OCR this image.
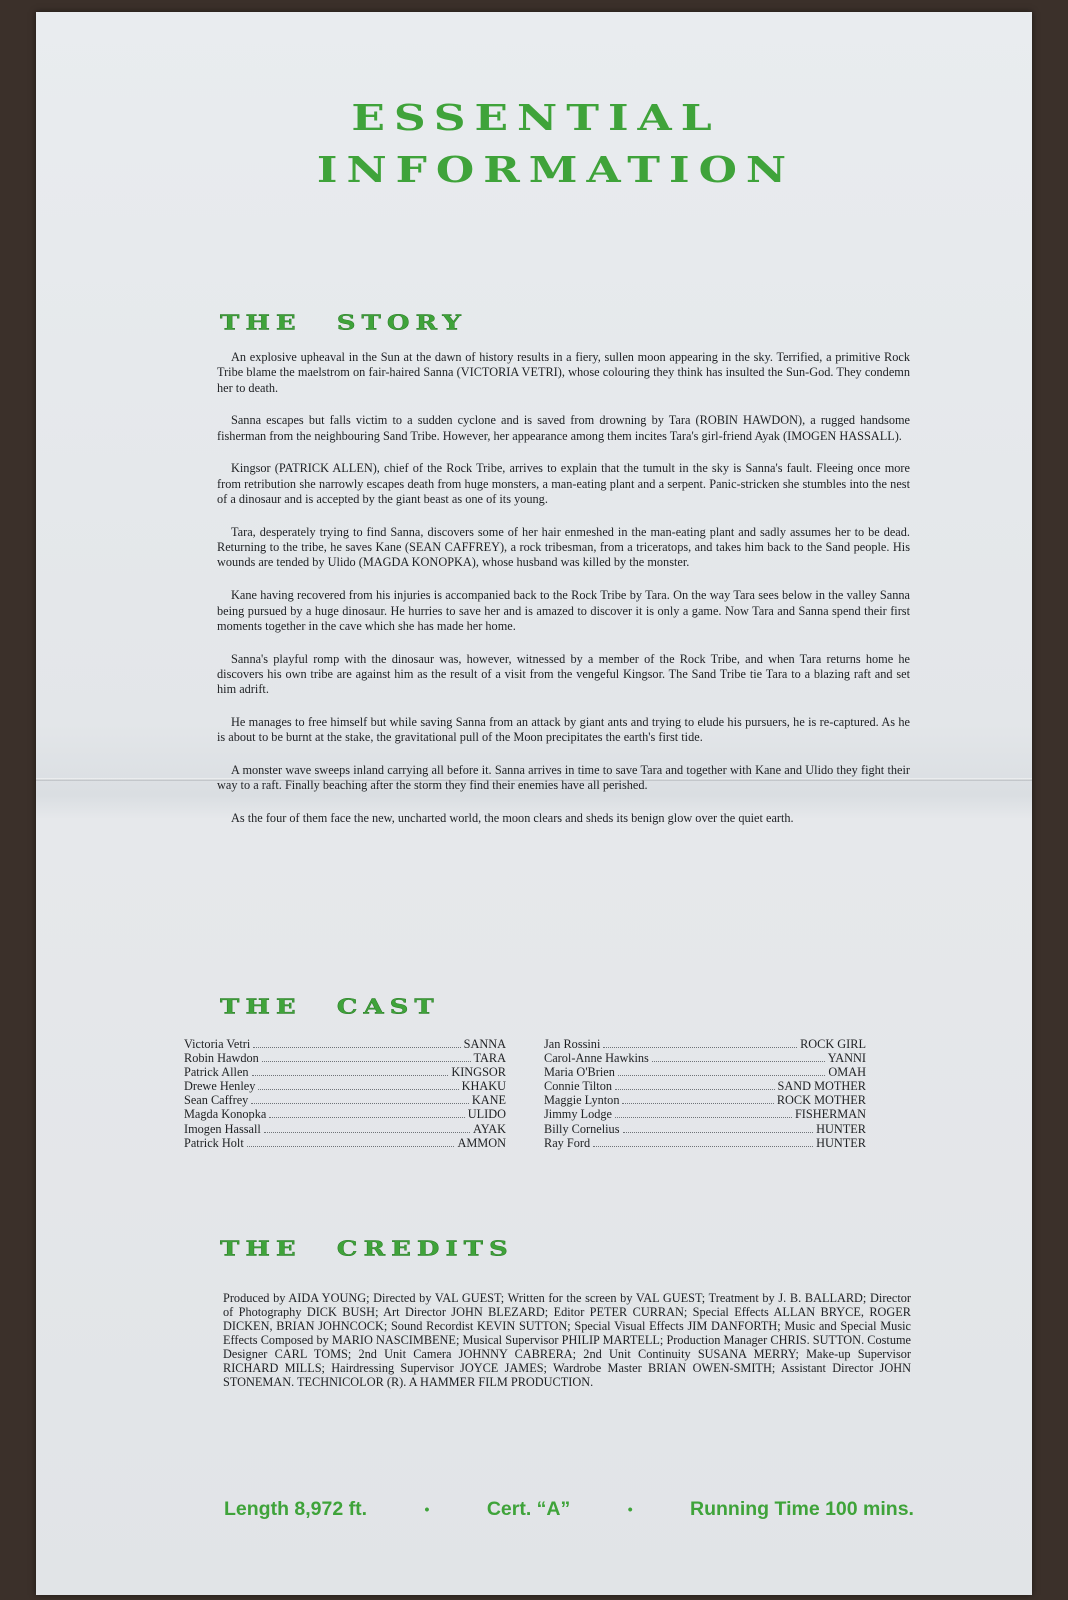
ESSENTIAL
INFORMATION
THE STORY

An explosive upheaval in the Sun at the dawn of history results in a fiery, sullen moon appearing in the sky. Terrified, a primitive Rock Tribe blame the maelstrom on fair-haired Sanna (VICTORIA VETRI), whose colouring they think has insulted the Sun-God. They condemn her to death.

Sanna escapes but falls victim to a sudden cyclone and is saved from drowning by Tara (ROBIN HAWDON), a rugged handsome fisherman from the neighbouring Sand Tribe. However, her appearance among them incites Tara's girl-friend Ayak (IMOGEN HASSALL).

Kingsor (PATRICK ALLEN), chief of the Rock Tribe, arrives to explain that the tumult in the sky is Sanna's fault. Fleeing once more from retribution she narrowly escapes death from huge monsters, a man-eating plant and a serpent. Panic-stricken she stumbles into the nest of a dinosaur and is accepted by the giant beast as one of its young.

Tara, desperately trying to find Sanna, discovers some of her hair enmeshed in the man-eating plant and sadly assumes her to be dead. Returning to the tribe, he saves Kane (SEAN CAFFREY), a rock tribesman, from a triceratops, and takes him back to the Sand people. His wounds are tended by Ulido (MAGDA KONOPKA), whose husband was killed by the monster.

Kane having recovered from his injuries is accompanied back to the Rock Tribe by Tara. On the way Tara sees below in the valley Sanna being pursued by a huge dinosaur. He hurries to save her and is amazed to discover it is only a game. Now Tara and Sanna spend their first moments together in the cave which she has made her home.

Sanna's playful romp with the dinosaur was, however, witnessed by a member of the Rock Tribe, and when Tara returns home he discovers his own tribe are against him as the result of a visit from the vengeful Kingsor. The Sand Tribe tie Tara to a blazing raft and set him adrift.

He manages to free himself but while saving Sanna from an attack by giant ants and trying to elude his pursuers, he is re-captured. As he is about to be burnt at the stake, the gravitational pull of the Moon precipitates the earth's first tide.

A monster wave sweeps inland carrying all before it. Sanna arrives in time to save Tara and together with Kane and Ulido they fight their way to a raft. Finally beaching after the storm they find their enemies have all perished.

As the four of them face the new, uncharted world, the moon clears and sheds its benign glow over the quiet earth.

THE CAST
Victoria Vetri	SANNA
Robin Hawdon	TARA
Patrick Allen	KINGSOR
Drewe Henley	KHAKU
Sean Caffrey	KANE
Magda Konopka	ULIDO
Imogen Hassall	AYAK
Patrick Holt	AMMON
Jan Rossini	ROCK GIRL
Carol-Anne Hawkins	YANNI
Maria O'Brien	OMAH
Connie Tilton	SAND MOTHER
Maggie Lynton	ROCK MOTHER
Jimmy Lodge	FISHERMAN
Billy Cornelius	HUNTER
Ray Ford	HUNTER
THE CREDITS

Produced by AIDA YOUNG; Directed by VAL GUEST; Written for the screen by VAL GUEST; Treatment by J. B. BALLARD; Director of Photography DICK BUSH; Art Director JOHN BLEZARD; Editor PETER CURRAN; Special Effects ALLAN BRYCE, ROGER DICKEN, BRIAN JOHNCOCK; Sound Recordist KEVIN SUTTON; Special Visual Effects JIM DANFORTH; Music and Special Music Effects Composed by MARIO NASCIMBENE; Musical Supervisor PHILIP MARTELL; Production Manager CHRIS. SUTTON. Costume Designer CARL TOMS; 2nd Unit Camera JOHNNY CABRERA; 2nd Unit Continuity SUSANA MERRY; Make-up Supervisor RICHARD MILLS; Hairdressing Supervisor JOYCE JAMES; Wardrobe Master BRIAN OWEN-SMITH; Assistant Director JOHN STONEMAN. TECHNICOLOR (R). A HAMMER FILM PRODUCTION.

Length 8,972 ft.	•	Cert. “A”	•	Running Time 100 mins.
